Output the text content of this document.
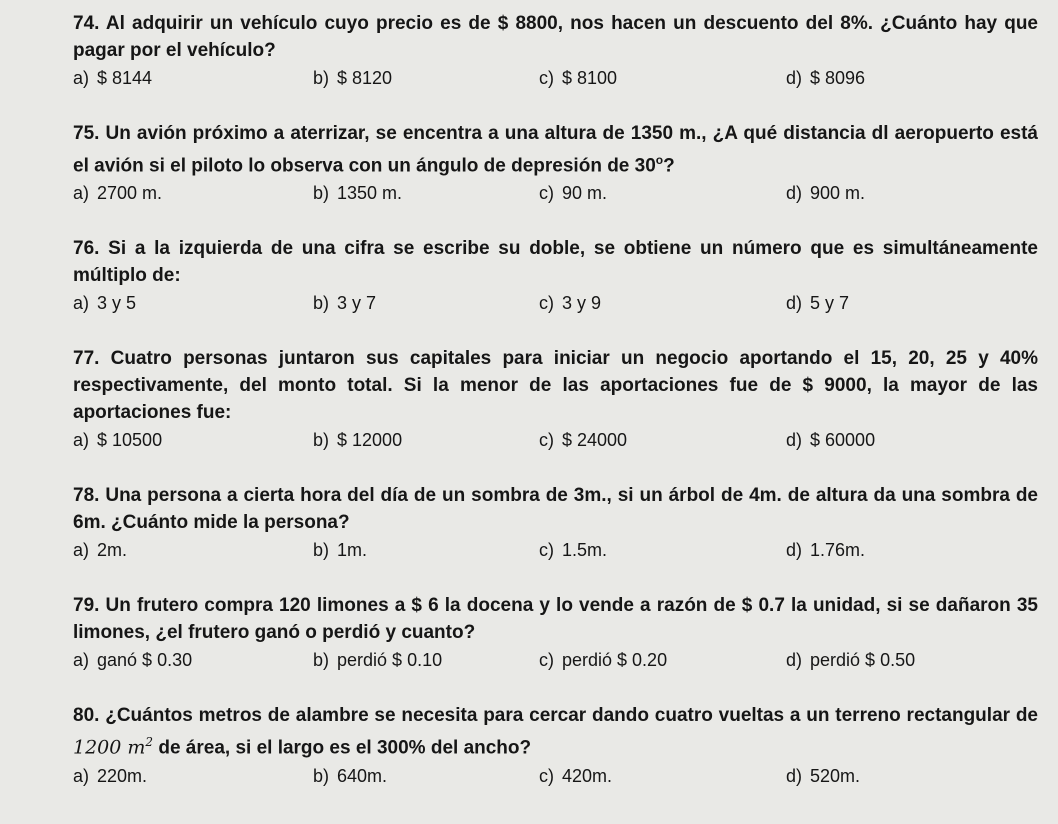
74. Al adquirir un vehículo cuyo precio es de $ 8800, nos hacen un descuento del 8%. ¿Cuánto hay que pagar por el vehículo?

a) $ 8144	b) $ 8120	c) $ 8100	d) $ 8096

75. Un avión próximo a aterrizar, se encentra a una altura de 1350 m., ¿A qué distancia dl aeropuerto está el avión si el piloto lo observa con un ángulo de depresión de 30$^o$?

a) 2700 m.	b) 1350 m.	c) 90 m.	d) 900 m.

76. Si a la izquierda de una cifra se escribe su doble, se obtiene un número que es simultáneamente múltiplo de:

a) 3 y 5	b) 3 y 7	c) 3 y 9	d) 5 y 7

77. Cuatro personas juntaron sus capitales para iniciar un negocio aportando el 15, 20, 25 y 40% respectivamente, del monto total. Si la menor de las aportaciones fue de $ 9000, la mayor de las aportaciones fue:

a) $ 10500	b) $ 12000	c) $ 24000	d) $ 60000

78. Una persona a cierta hora del día de un sombra de 3m., si un árbol de 4m. de altura da una sombra de 6m. ¿Cuánto mide la persona?

a) 2m.	b) 1m.	c) 1.5m.	d) 1.76m.

79. Un frutero compra 120 limones a $ 6 la docena y lo vende a razón de $ 0.7 la unidad, si se dañaron 35 limones, ¿el frutero ganó o perdió y cuanto?

a) ganó $ 0.30	b) perdió $ 0.10	c) perdió $ 0.20	d) perdió $ 0.50

80. ¿Cuántos metros de alambre se necesita para cercar dando cuatro vueltas a un terreno rectangular de 1200 $m^2$ de área, si el largo es el 300% del ancho?

a) 220m.	b) 640m.	c) 420m.	d) 520m.
